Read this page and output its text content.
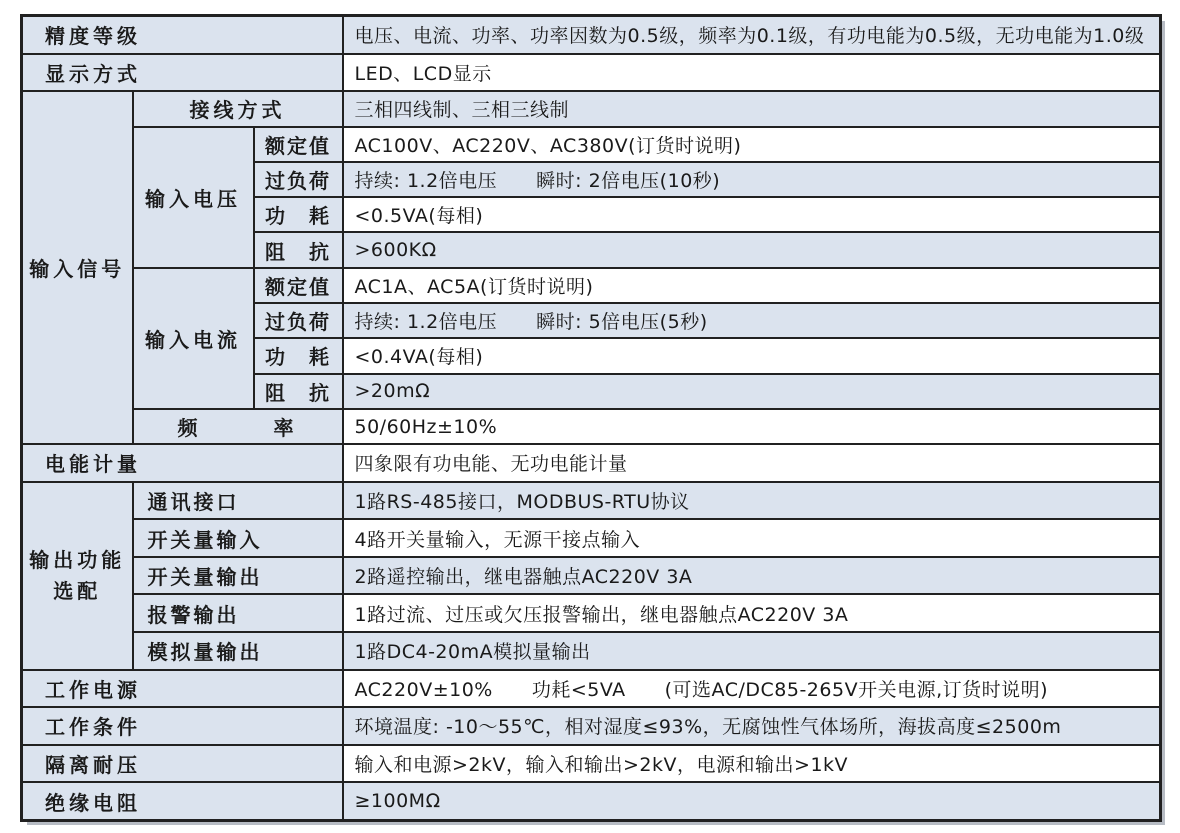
精度等级			电压、电流、功率、功率因数为0.5级，频率为0.1级，有功电能为0.5级，无功电能为1.0级
显示方式			LED、LCD显示
输入信号	接线方式		三相四线制、三相三线制
	输入电压	额定值	AC100V、AC220V、AC380V(订货时说明)
		过负荷	持续: 1.2倍电压　　瞬时: 2倍电压(10秒)
		功　耗	<0.5VA(每相)
		阻　抗	>600KΩ
	输入电流	额定值	AC1A、AC5A(订货时说明)
		过负荷	持续: 1.2倍电压　　瞬时: 5倍电压(5秒)
		功　耗	<0.4VA(每相)
		阻　抗	>20mΩ
	频　　　率		50/60Hz±10%
电能计量			四象限有功电能、无功电能计量

输出功能
选配	通讯接口		1路RS-485接口，MODBUS-RTU协议
	开关量输入		4路开关量输入，无源干接点输入
	开关量输出		2路遥控输出，继电器触点AC220V 3A
	报警输出		1路过流、过压或欠压报警输出，继电器触点AC220V 3A
	模拟量输出		1路DC4-20mA模拟量输出
工作电源			AC220V±10%　　功耗<5VA　　(可选AC/DC85-265V开关电源,订货时说明)
工作条件			环境温度: -10～55℃，相对湿度≤93%，无腐蚀性气体场所，海拔高度≤2500m
隔离耐压			输入和电源>2kV，输入和输出>2kV，电源和输出>1kV
绝缘电阻			≥100MΩ
